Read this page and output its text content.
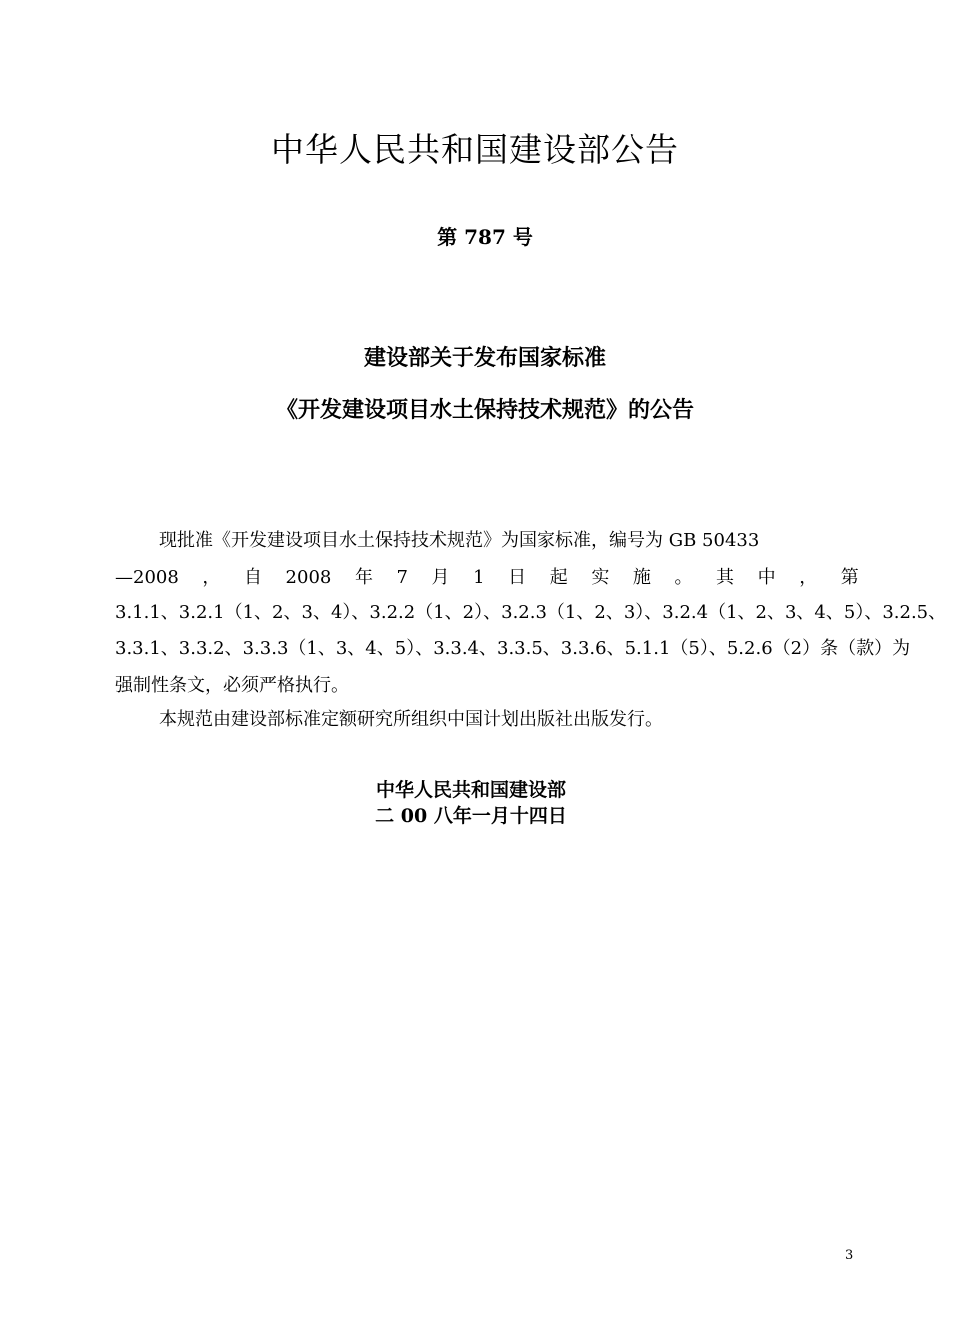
中华人民共和国建设部公告

第 787 号

建设部关于发布国家标准

《开发建设项目水土保持技术规范》的公告

现批准《开发建设项目水土保持技术规范》为国家标准，编号为 GB 50433

—2008 ， 自 2008 年 7 月 1 日 起 实 施 。 其 中 ， 第

3.1.1、3.2.1（1、2、3、4）、3.2.2（1、2）、3.2.3（1、2、3）、3.2.4（1、2、3、4、5）、3.2.5、

3.3.1、3.3.2、3.3.3（1、3、4、5）、3.3.4、3.3.5、3.3.6、5.1.1（5）、5.2.6（2）条（款）为

强制性条文，必须严格执行。

本规范由建设部标准定额研究所组织中国计划出版社出版发行。

中华人民共和国建设部

二 00 八年一月十四日

3
